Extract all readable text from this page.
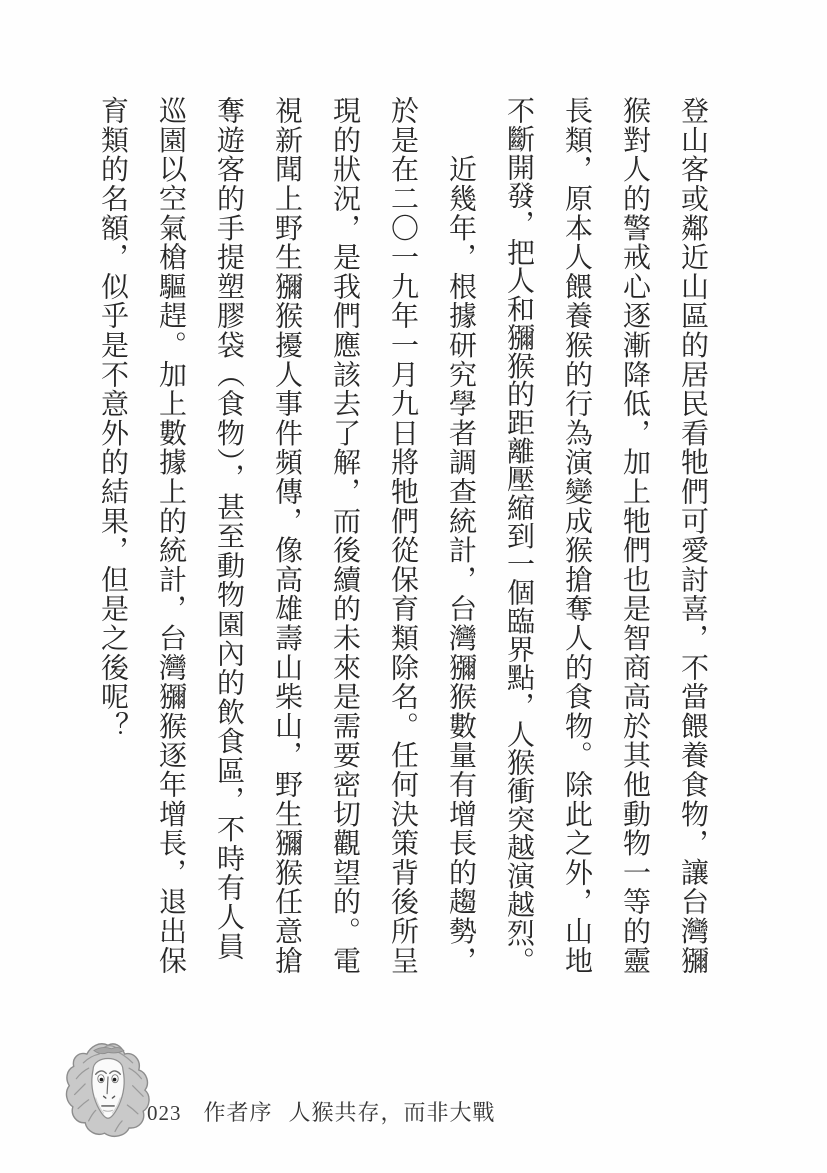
登山客或鄰近山區的居民看牠們可愛討喜，不當餵養食物，讓台灣獼
猴對人的警戒心逐漸降低，加上牠們也是智商高於其他動物一等的靈
長類，原本人餵養猴的行為演變成猴搶奪人的食物。除此之外，山地
不斷開發，把人和獼猴的距離壓縮到一個臨界點，人猴衝突越演越烈。
　　近幾年，根據研究學者調查統計，台灣獼猴數量有增長的趨勢，
於是在二〇一九年一月九日將牠們從保育類除名。任何決策背後所呈
現的狀況，是我們應該去了解，而後續的未來是需要密切觀望的。電
視新聞上野生獼猴擾人事件頻傳，像高雄壽山柴山，野生獼猴任意搶
奪遊客的手提塑膠袋（食物），甚至動物園內的飲食區，不時有人員
巡園以空氣槍驅趕。加上數據上的統計，台灣獼猴逐年增長，退出保
育類的名額，似乎是不意外的結果，但是之後呢？
023 作者序 人猴共存，而非大戰
